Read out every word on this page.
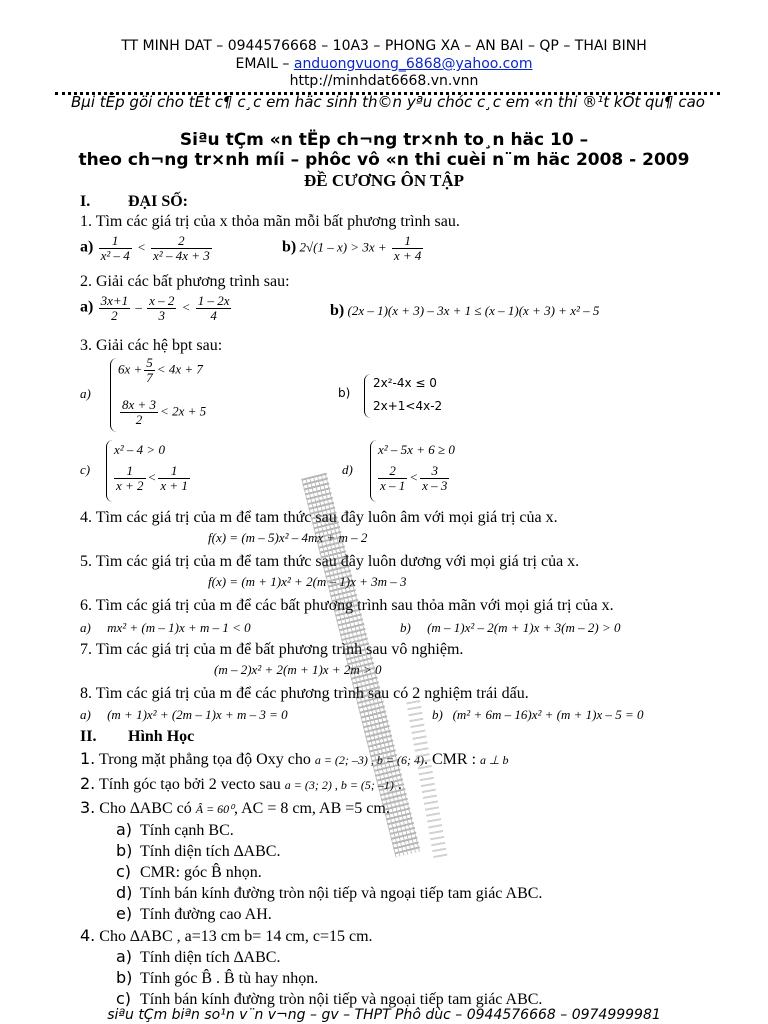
TT MINH DAT – 0944576668 – 10A3 – PHONG XA – AN BAI – QP – THAI BINH
EMAIL – anduongvuong_6868@yahoo.com
http://minhdat6668.vn.vnn
Bµi tËp göi cho tÊt c¶ c¸c em häc sinh th©n yªu chóc c¸c em «n thi ®¹t kÕt qu¶ cao
Siªu tÇm «n tËp ch¬ng tr×nh to¸n häc 10 –
theo ch¬ng tr×nh míi – phôc vô «n thi cuèi n¨m häc 2008 - 2009
ĐỀ CƯƠNG ÔN TẬP
I. ĐẠI SỐ:
1. Tìm các giá trị của x thỏa mãn mỗi bất phương trình sau.
$a) \frac{1}{\text{x² – 4}} < \frac{2}{\text{x² – 4x + 3}}$	b) $2√(1 - x) > 3x + \frac{1}{x + 4}$
2. Giải các bất phương trình sau:
$a) \frac{3x+1}{2} - \frac{x - 2}{3} < \frac{1 - 2x}{4}$	b) (2x – 1)(x + 3) – 3x + 1 ≤ (x – 1)(x + 3) + x² – 5
3. Giải các hệ bpt sau:
a)
$6x + \frac{5}{7} < 4x + 7$
$\frac{8x + 3}{2} < 2x + 5$
b)
2x²-4x ≤ 0
2x+1<4x-2
c)
x² – 4 > 0
$\frac{1}{x + 2} < \frac{1}{x + 1}$	d)
x² – 5x + 6 ≥ 0
$\frac{2}{x - 1} < \frac{3}{x - 3}$
4. Tìm các giá trị của m để tam thức sau đây luôn âm với mọi giá trị của x.
f(x) = (m – 5)x² – 4mx + m – 2
5. Tìm các giá trị của m để tam thức sau đây luôn dương với mọi giá trị của x.
f(x) = (m + 1)x² + 2(m – 1)x + 3m – 3
6. Tìm các giá trị của m để các bất phương trình sau thỏa mãn với mọi giá trị của x.
a) mx² + (m – 1)x + m – 1 < 0	b) (m – 1)x² – 2(m + 1)x + 3(m – 2) > 0
7. Tìm các giá trị của m để bất phương trình sau vô nghiệm.
(m – 2)x² + 2(m + 1)x + 2m > 0
8. Tìm các giá trị của m để các phương trình sau có 2 nghiệm trái dấu.
a) (m + 1)x² + (2m – 1)x + m – 3 = 0	b) (m² + 6m – 16)x² + (m + 1)x – 5 = 0
II. Hình Học
1. Trong mặt phẳng tọa độ Oxy cho a = (2; –3) , b = (6; 4). CMR : a ⊥ b
2. Tính góc tạo bởi 2 vecto sau a = (3; 2) , b = (5; –1) .
3. Cho ∆ABC có Â = 60⁰, AC = 8 cm, AB =5 cm.
a) Tính cạnh BC.
b) Tính diện tích ∆ABC.
c) CMR: góc B̂ nhọn.
d) Tính bán kính đường tròn nội tiếp và ngoại tiếp tam giác ABC.
e) Tính đường cao AH.
4. Cho ∆ABC , a=13 cm b= 14 cm, c=15 cm.
a) Tính diện tích ∆ABC.
b) Tính góc B̂ . B̂ tù hay nhọn.
c) Tính bán kính đường tròn nội tiếp và ngoại tiếp tam giác ABC.
siªu tÇm biªn so¹n v¨n v¬ng – gv – THPT Phô dùc – 0944576668 – 0974999981
